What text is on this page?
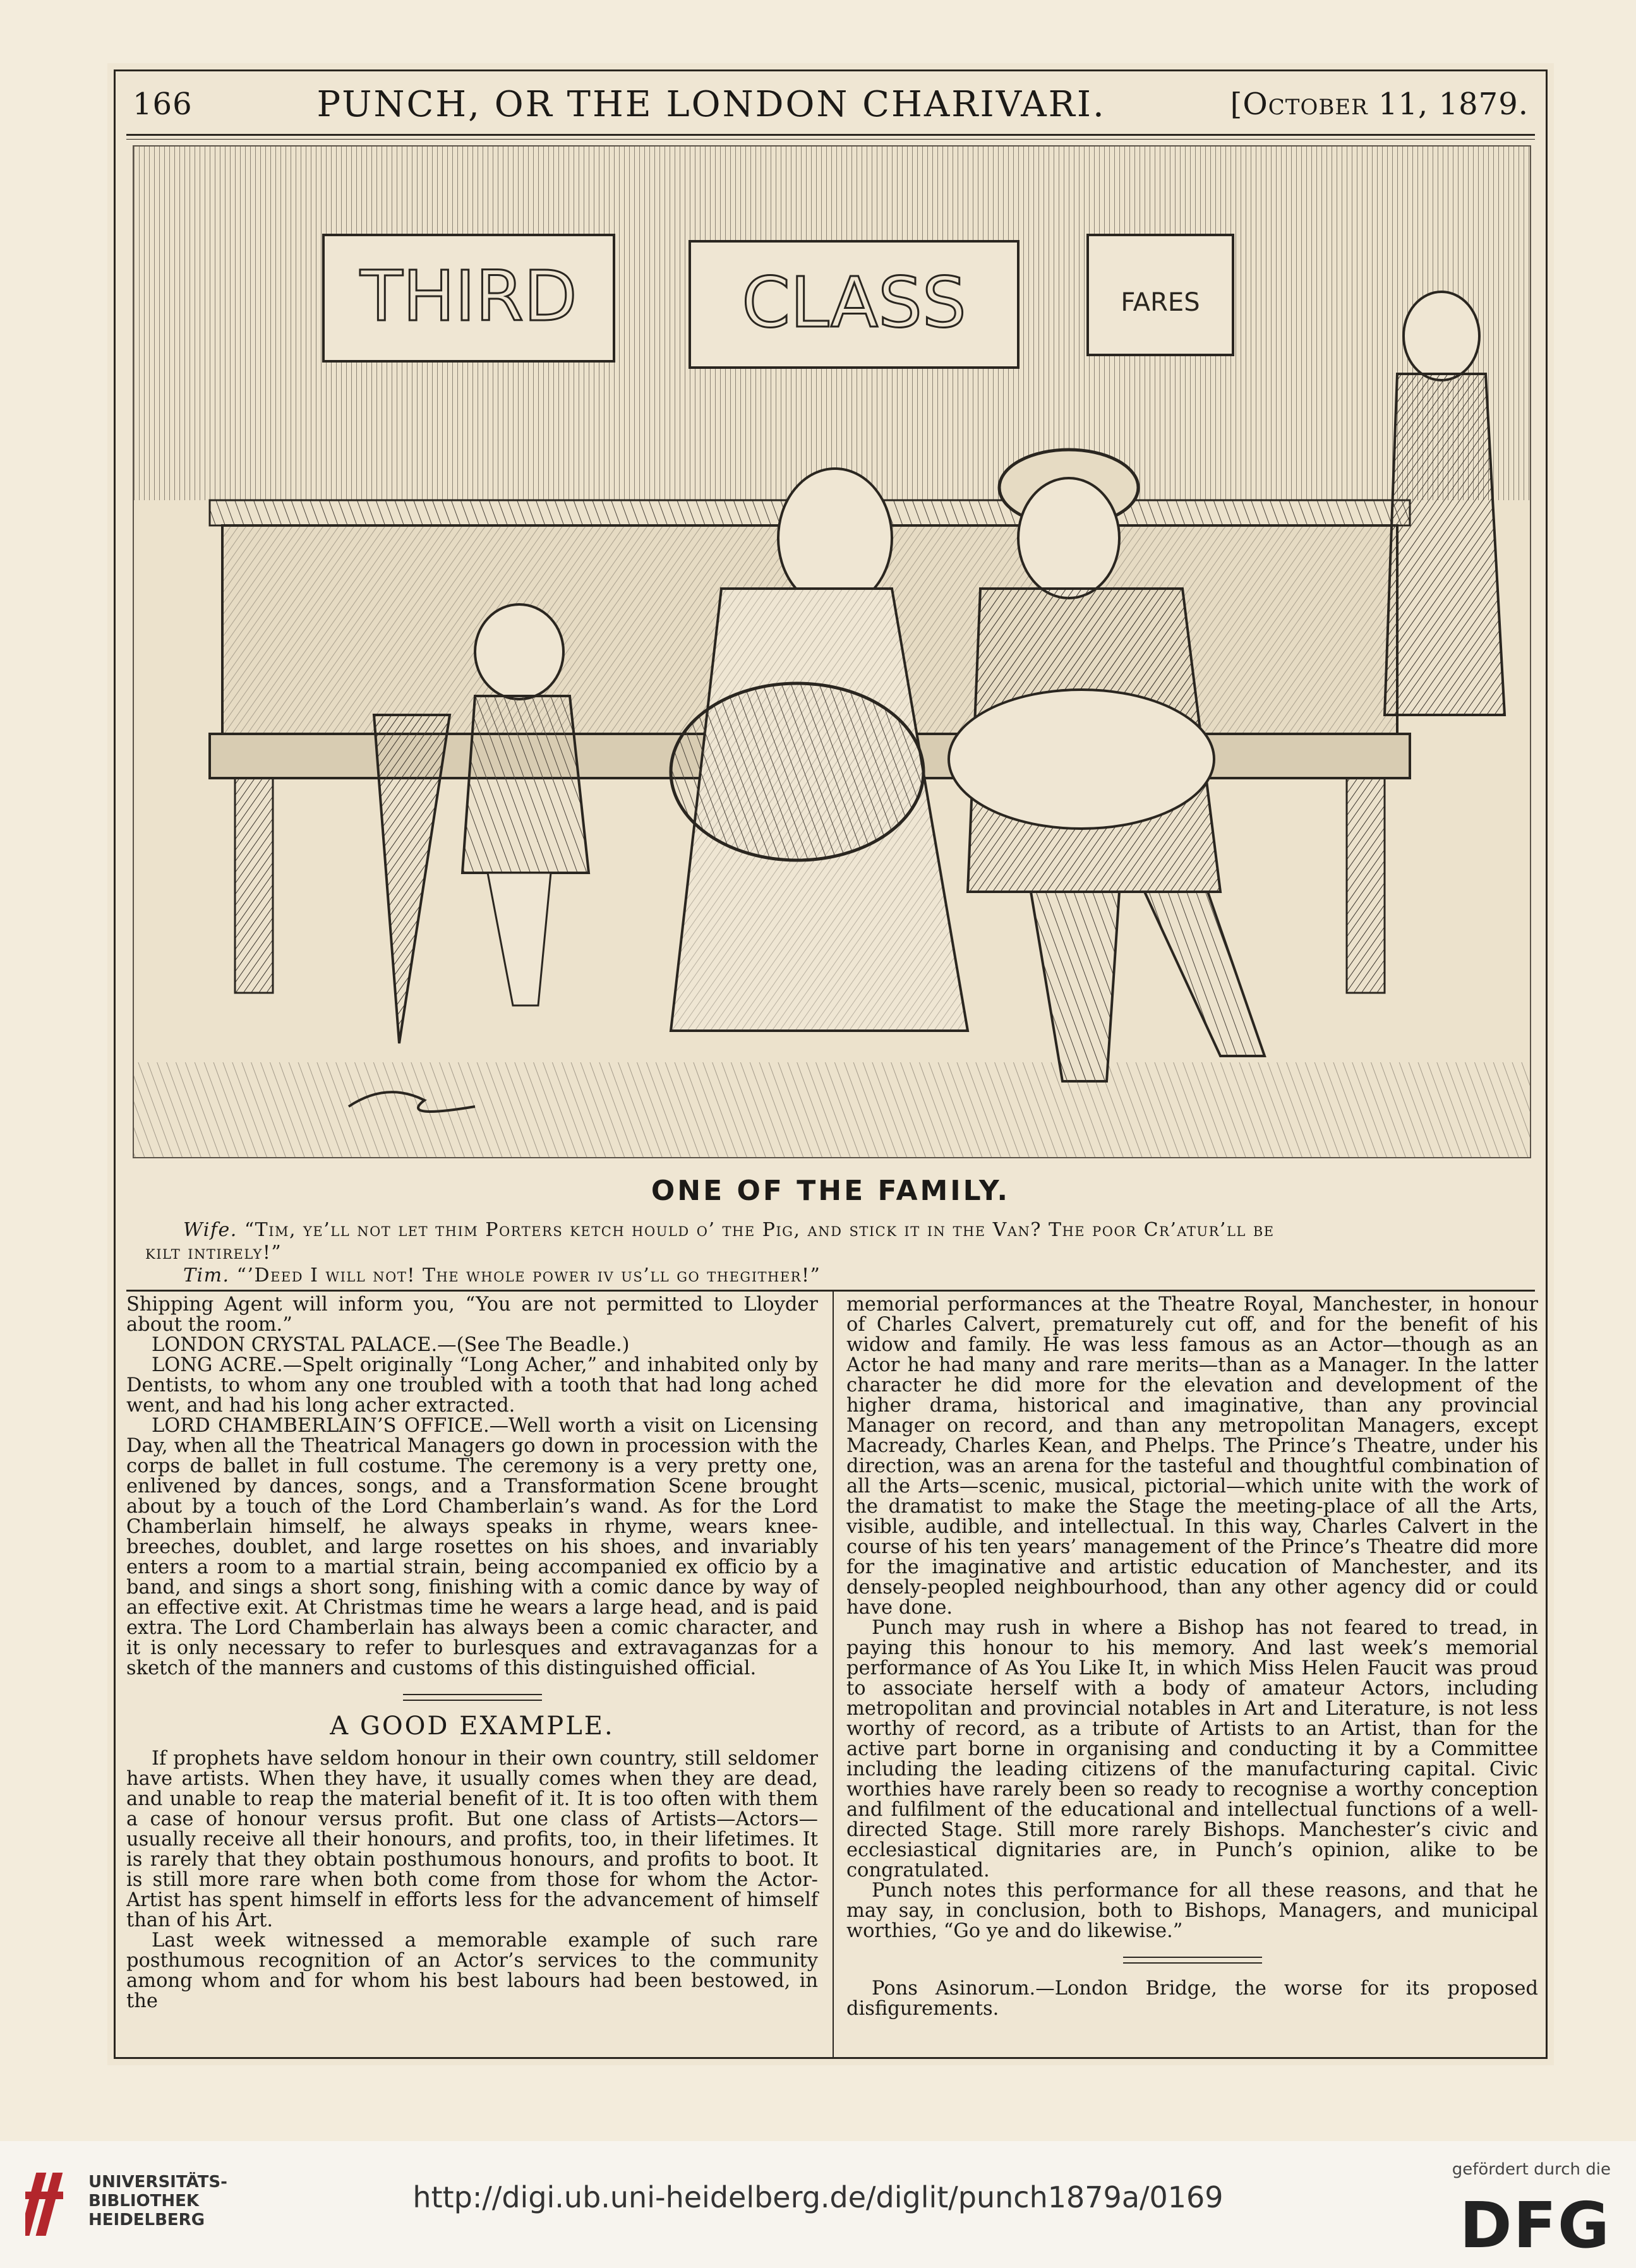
166	PUNCH, OR THE LONDON CHARIVARI.	[October 11, 1879.
THIRD CLASS	FARES
ONE OF THE FAMILY.
Wife. “Tim, ye’ll not let thim Porters ketch hould o’ the Pig, and stick it in the Van? The poor Cr’atur’ll be
kilt intirely!”
Tim. “’Deed I will not! The whole power iv us’ll go thegither!”

Shipping Agent will inform you, “You are not permitted to Lloyder about the room.”

LONDON CRYSTAL PALACE.—(See The Beadle.)

LONG ACRE.—Spelt originally “Long Acher,” and inhabited only by Dentists, to whom any one troubled with a tooth that had long ached went, and had his long acher extracted.

LORD CHAMBERLAIN’S OFFICE.—Well worth a visit on Licensing Day, when all the Theatrical Managers go down in procession with the corps de ballet in full costume. The ceremony is a very pretty one, enlivened by dances, songs, and a Transformation Scene brought about by a touch of the Lord Chamberlain’s wand. As for the Lord Chamberlain himself, he always speaks in rhyme, wears knee-breeches, doublet, and large rosettes on his shoes, and invariably enters a room to a martial strain, being accompanied ex officio by a band, and sings a short song, finishing with a comic dance by way of an effective exit. At Christmas time he wears a large head, and is paid extra. The Lord Chamberlain has always been a comic character, and it is only necessary to refer to burlesques and extravaganzas for a sketch of the manners and customs of this distinguished official.

A GOOD EXAMPLE.

If prophets have seldom honour in their own country, still seldomer have artists. When they have, it usually comes when they are dead, and unable to reap the material benefit of it. It is too often with them a case of honour versus profit. But one class of Artists—Actors—usually receive all their honours, and profits, too, in their lifetimes. It is rarely that they obtain posthumous honours, and profits to boot. It is still more rare when both come from those for whom the Actor-Artist has spent himself in efforts less for the advancement of himself than of his Art.

Last week witnessed a memorable example of such rare posthumous recognition of an Actor’s services to the community among whom and for whom his best labours had been bestowed, in the

memorial performances at the Theatre Royal, Manchester, in honour of Charles Calvert, prematurely cut off, and for the benefit of his widow and family. He was less famous as an Actor—though as an Actor he had many and rare merits—than as a Manager. In the latter character he did more for the elevation and development of the higher drama, historical and imaginative, than any provincial Manager on record, and than any metropolitan Managers, except Macready, Charles Kean, and Phelps. The Prince’s Theatre, under his direction, was an arena for the tasteful and thoughtful combination of all the Arts—scenic, musical, pictorial—which unite with the work of the dramatist to make the Stage the meeting-place of all the Arts, visible, audible, and intellectual. In this way, Charles Calvert in the course of his ten years’ management of the Prince’s Theatre did more for the imaginative and artistic education of Manchester, and its densely-peopled neighbourhood, than any other agency did or could have done.

Punch may rush in where a Bishop has not feared to tread, in paying this honour to his memory. And last week’s memorial performance of As You Like It, in which Miss Helen Faucit was proud to associate herself with a body of amateur Actors, including metropolitan and provincial notables in Art and Literature, is not less worthy of record, as a tribute of Artists to an Artist, than for the active part borne in organising and conducting it by a Committee including the leading citizens of the manufacturing capital. Civic worthies have rarely been so ready to recognise a worthy conception and fulfilment of the educational and intellectual functions of a well-directed Stage. Still more rarely Bishops. Manchester’s civic and ecclesiastical dignitaries are, in Punch’s opinion, alike to be congratulated.

Punch notes this performance for all these reasons, and that he may say, in conclusion, both to Bishops, Managers, and municipal worthies, “Go ye and do likewise.”

Pons Asinorum.—London Bridge, the worse for its proposed disfigurements.

UNIVERSITÄTS-
BIBLIOTHEK
HEIDELBERG
http://digi.ub.uni-heidelberg.de/diglit/punch1879a/0169
gefördert durch die
DFG
